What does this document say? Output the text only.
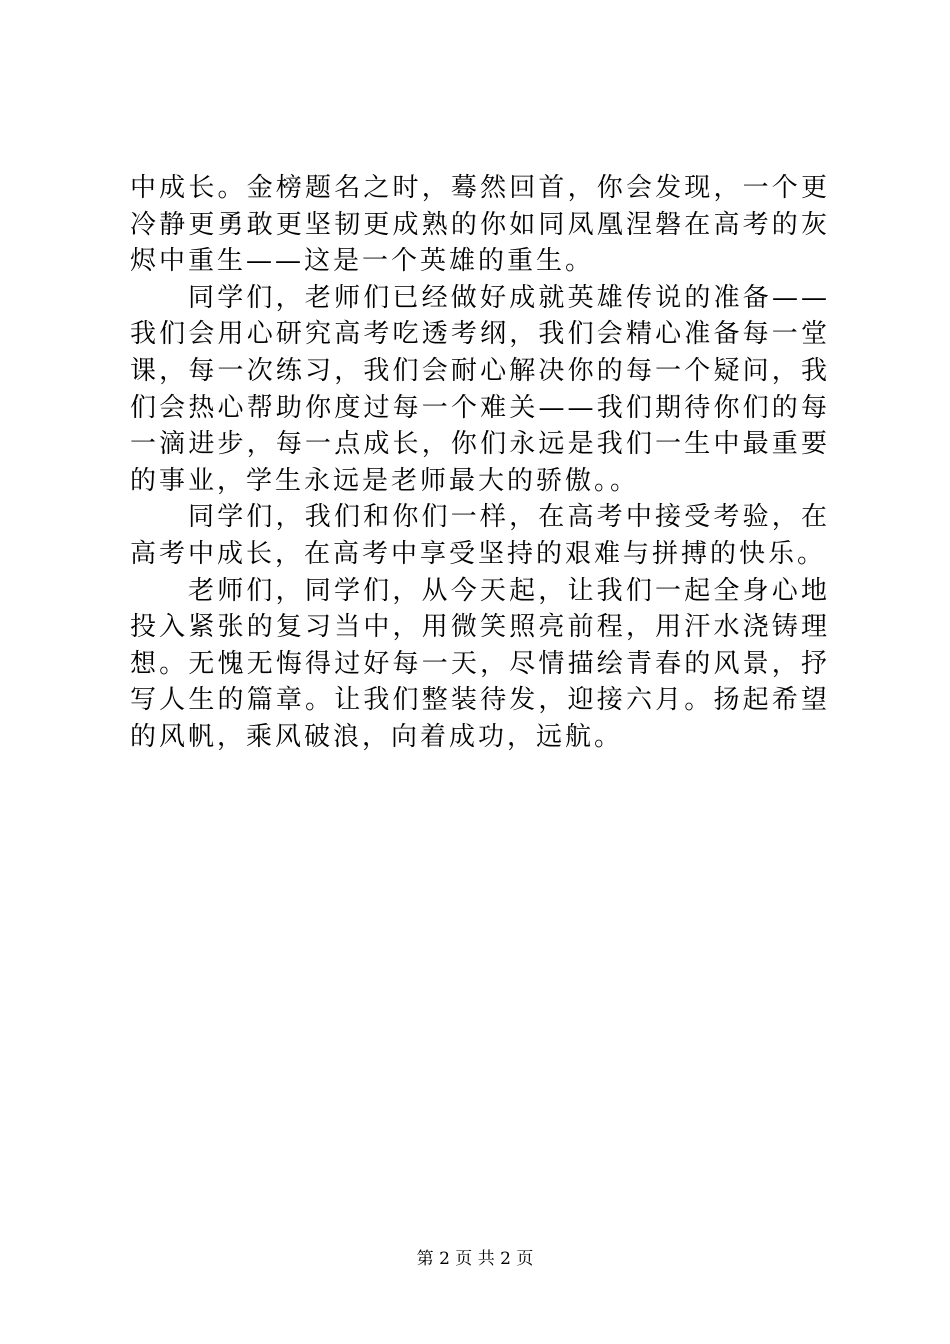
中成长。金榜题名之时，蓦然回首，你会发现，一个更冷静更勇敢更坚韧更成熟的你如同凤凰涅磐在高考的灰烬中重生——这是一个英雄的重生。

同学们，老师们已经做好成就英雄传说的准备——我们会用心研究高考吃透考纲，我们会精心准备每一堂课，每一次练习，我们会耐心解决你的每一个疑问，我们会热心帮助你度过每一个难关——我们期待你们的每一滴进步，每一点成长，你们永远是我们一生中最重要的事业，学生永远是老师最大的骄傲。。

同学们，我们和你们一样，在高考中接受考验，在高考中成长，在高考中享受坚持的艰难与拼搏的快乐。

老师们，同学们，从今天起，让我们一起全身心地投入紧张的复习当中，用微笑照亮前程，用汗水浇铸理想。无愧无悔得过好每一天，尽情描绘青春的风景，抒写人生的篇章。让我们整装待发，迎接六月。扬起希望的风帆，乘风破浪，向着成功，远航。

第 2 页 共 2 页
